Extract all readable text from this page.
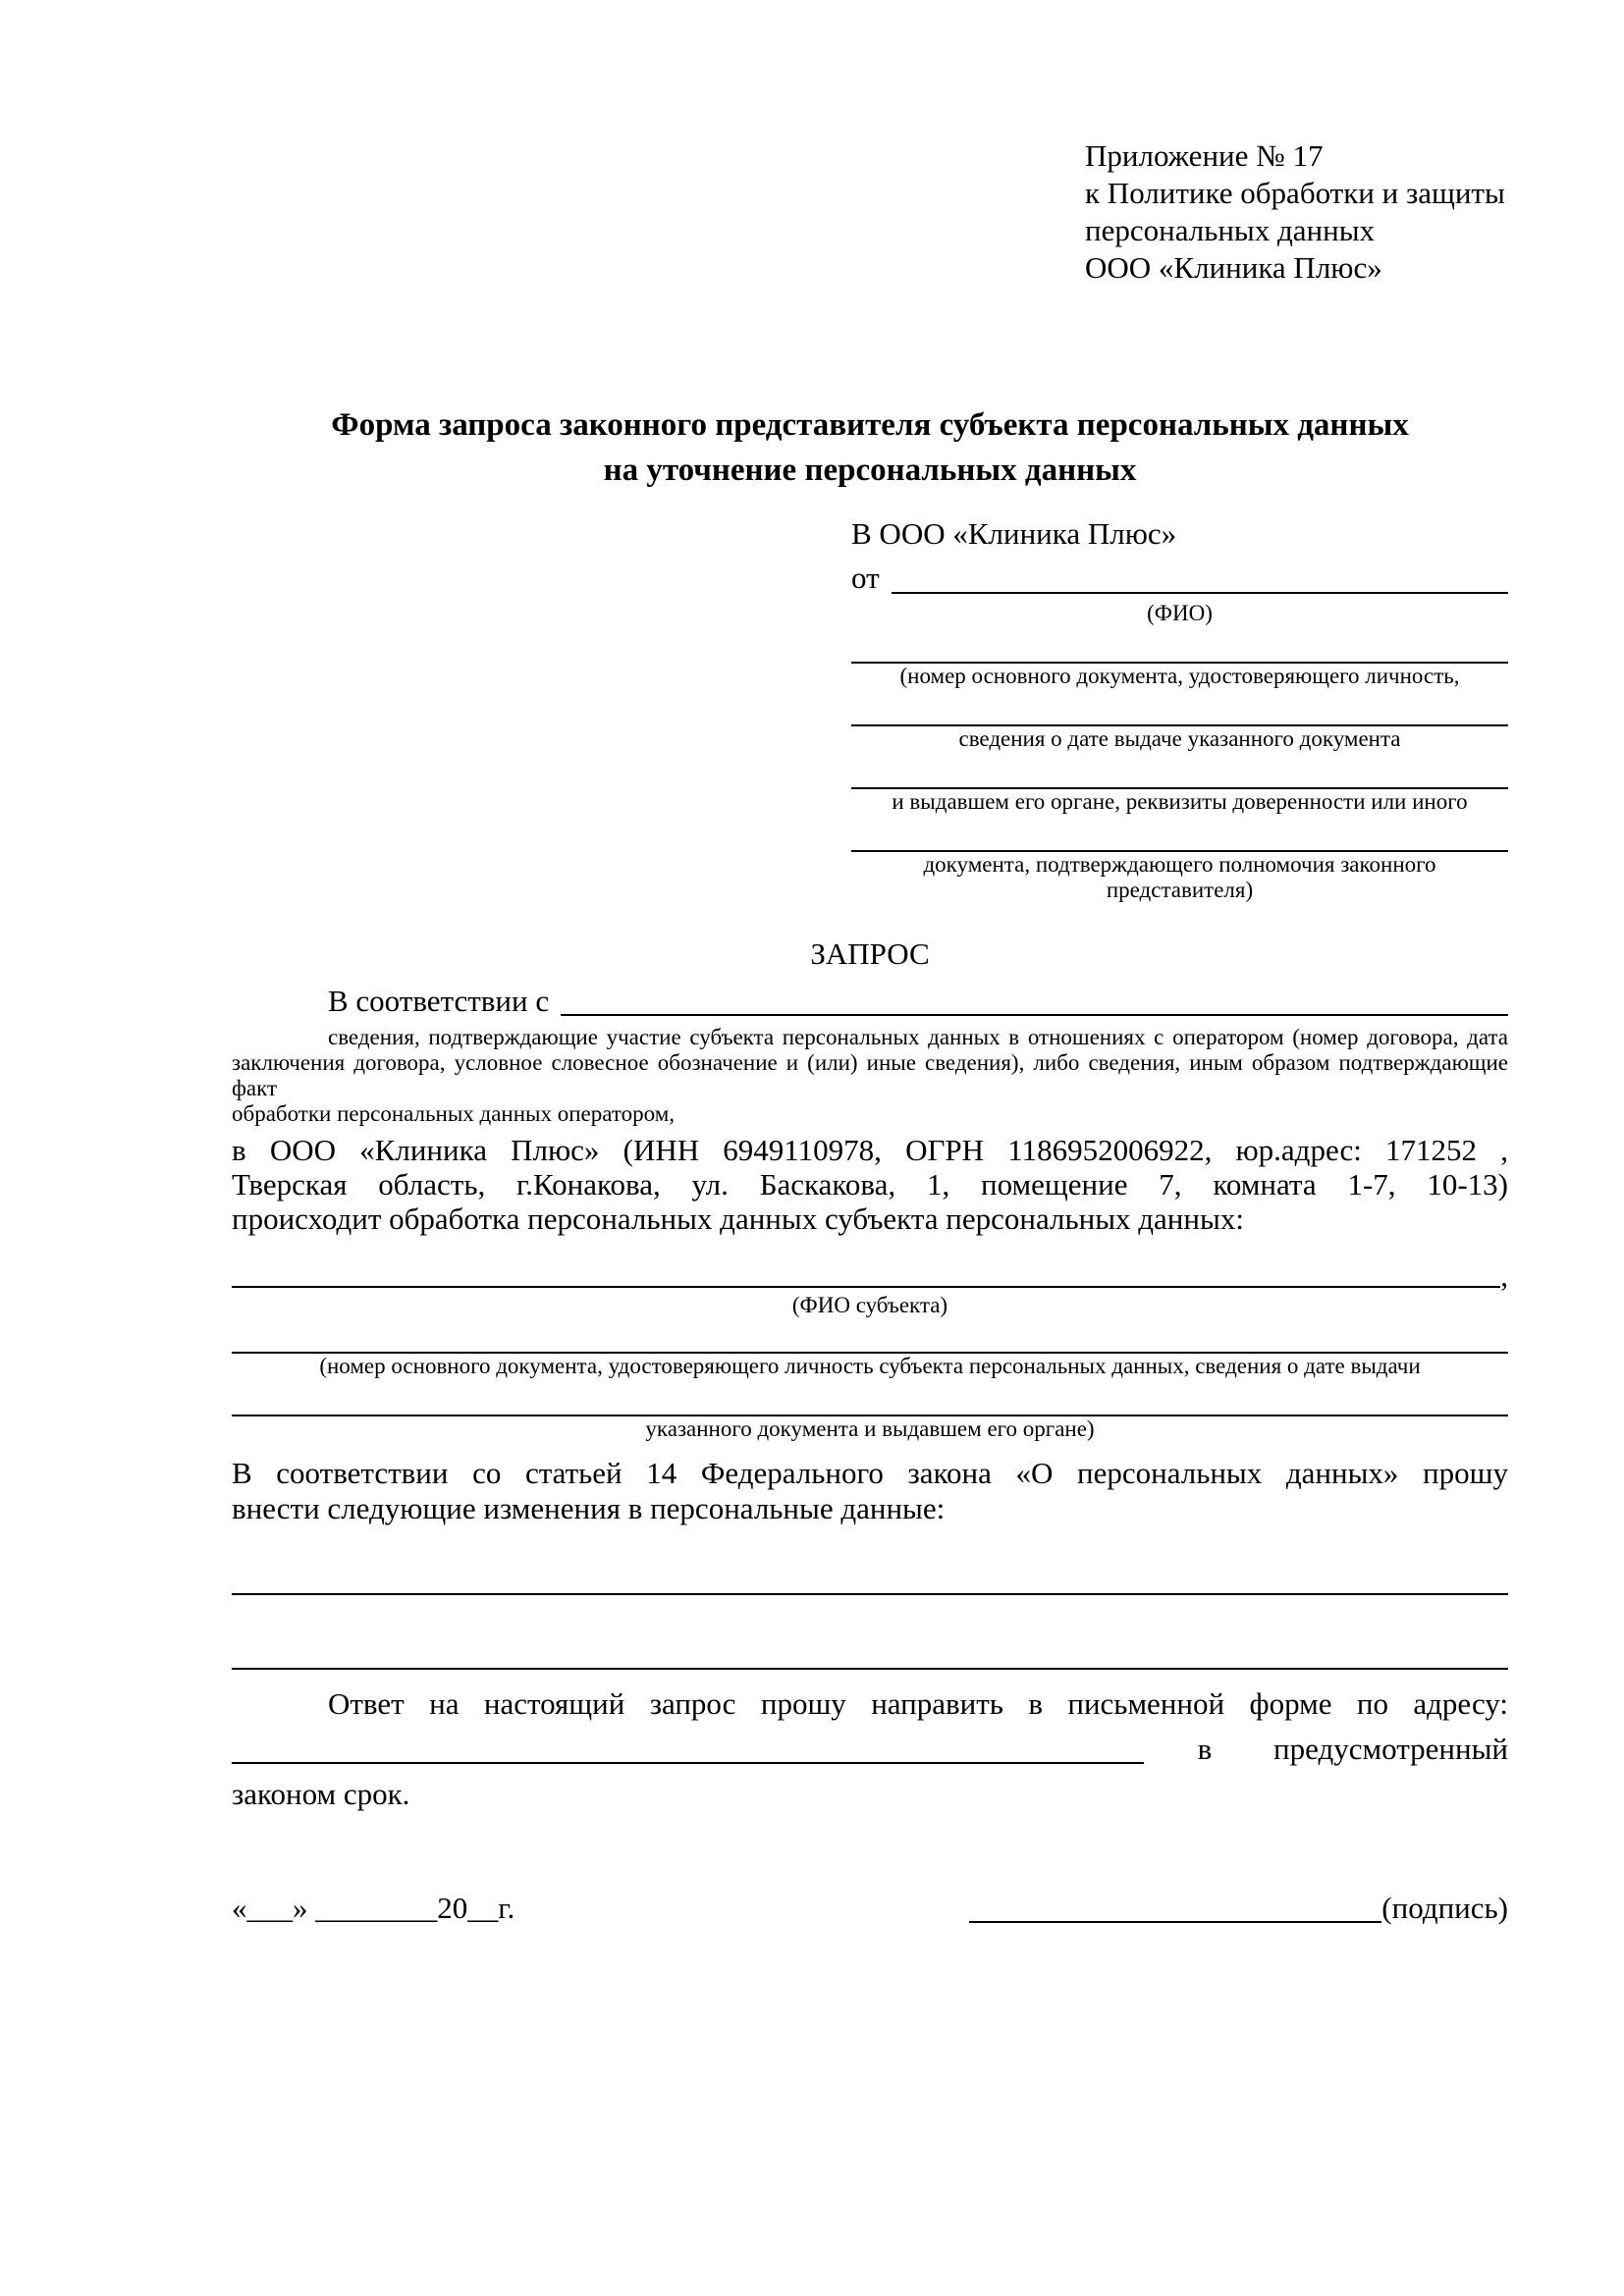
Приложение № 17
к Политике обработки и защиты
персональных данных
ООО «Клиника Плюс»
Форма запроса законного представителя субъекта персональных данных
на уточнение персональных данных
В ООО «Клиника Плюс»
от
(ФИО)
(номер основного документа, удостоверяющего личность,
сведения о дате выдаче указанного документа
и выдавшем его органе, реквизиты доверенности или иного
документа, подтверждающего полномочия законного представителя)
ЗАПРОС
В соответствии с
сведения, подтверждающие участие субъекта персональных данных в отношениях с оператором (номер договора, дата
заключения договора, условное словесное обозначение и (или) иные сведения), либо сведения, иным образом подтверждающие факт
обработки персональных данных оператором,
в ООО «Клиника Плюс» (ИНН 6949110978, ОГРН 1186952006922, юр.адрес: 171252 ,
Тверская область, г.Конакова, ул. Баскакова, 1, помещение 7, комната 1-7, 10-13)
происходит обработка персональных данных субъекта персональных данных:
,
(ФИО субъекта)
(номер основного документа, удостоверяющего личность субъекта персональных данных, сведения о дате выдачи
указанного документа и выдавшем его органе)
В соответствии со статьей 14 Федерального закона «О персональных данных» прошу
внести следующие изменения в персональные данные:
Ответ на настоящий запрос прошу направить в письменной форме по адресу:
в предусмотренный
законом срок.
«___» ________20__г.	(подпись)
